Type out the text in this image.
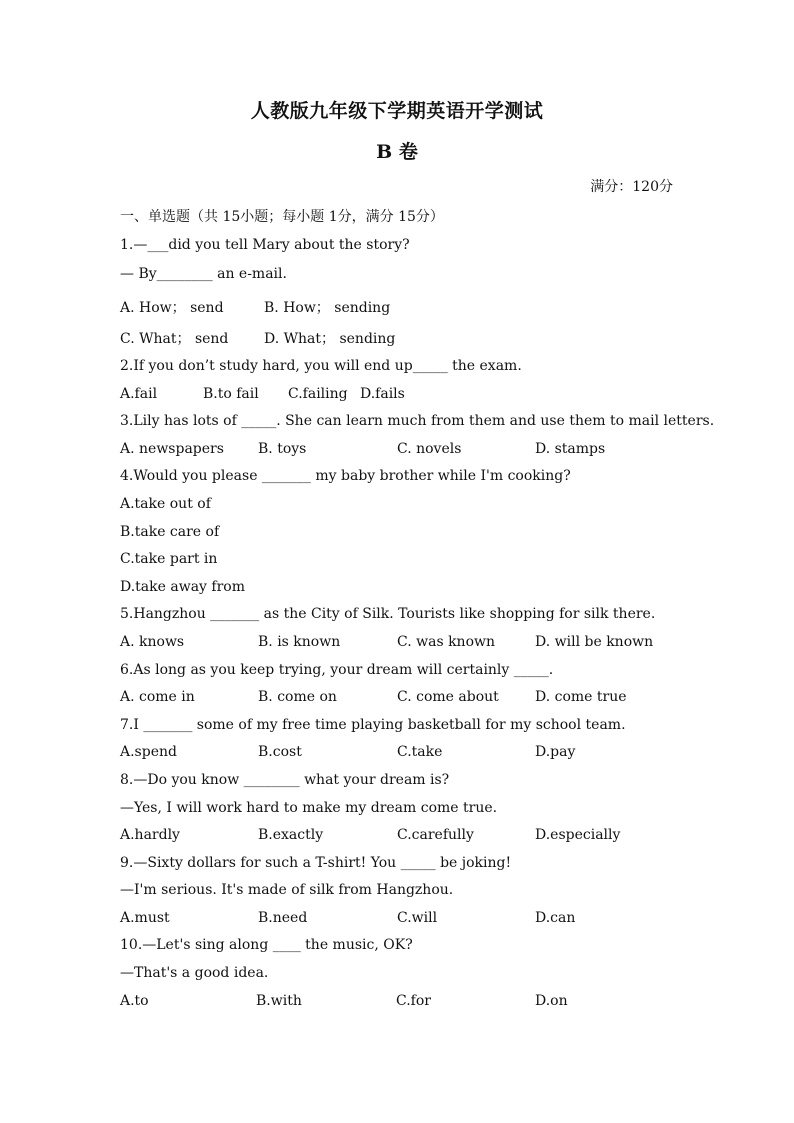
人教版九年级下学期英语开学测试
B 卷
满分：120分
一、单选题（共 15小题；每小题 1分，满分 15分）
1.—___did you tell Mary about the story?
— By________ an e-mail.
A. How； send	B. How； sending
C. What； send	D. What； sending
2.If you don’t study hard, you will end up_____ the exam.
A.fail	B.to fail C.failing D.fails
3.Lily has lots of _____. She can learn much from them and use them to mail letters.
A. newspapers B. toys	C. novels	D. stamps
4.Would you please _______ my baby brother while I'm cooking?
A.take out of
B.take care of
C.take part in
D.take away from
5.Hangzhou _______ as the City of Silk. Tourists like shopping for silk there.
A. knows	B. is known	C. was known	D. will be known
6.As long as you keep trying, your dream will certainly _____.
A. come in	B. come on	C. come about	D. come true
7.I _______ some of my free time playing basketball for my school team.
A.spend	B.cost	C.take	D.pay
8.—Do you know ________ what your dream is?
—Yes, I will work hard to make my dream come true.
A.hardly	B.exactly	C.carefully	D.especially
9.—Sixty dollars for such a T-shirt! You _____ be joking!
—I'm serious. It's made of silk from Hangzhou.
A.must	B.need	C.will	D.can
10.—Let's sing along ____ the music, OK?
—That's a good idea.
A.to	B.with	C.for	D.on
